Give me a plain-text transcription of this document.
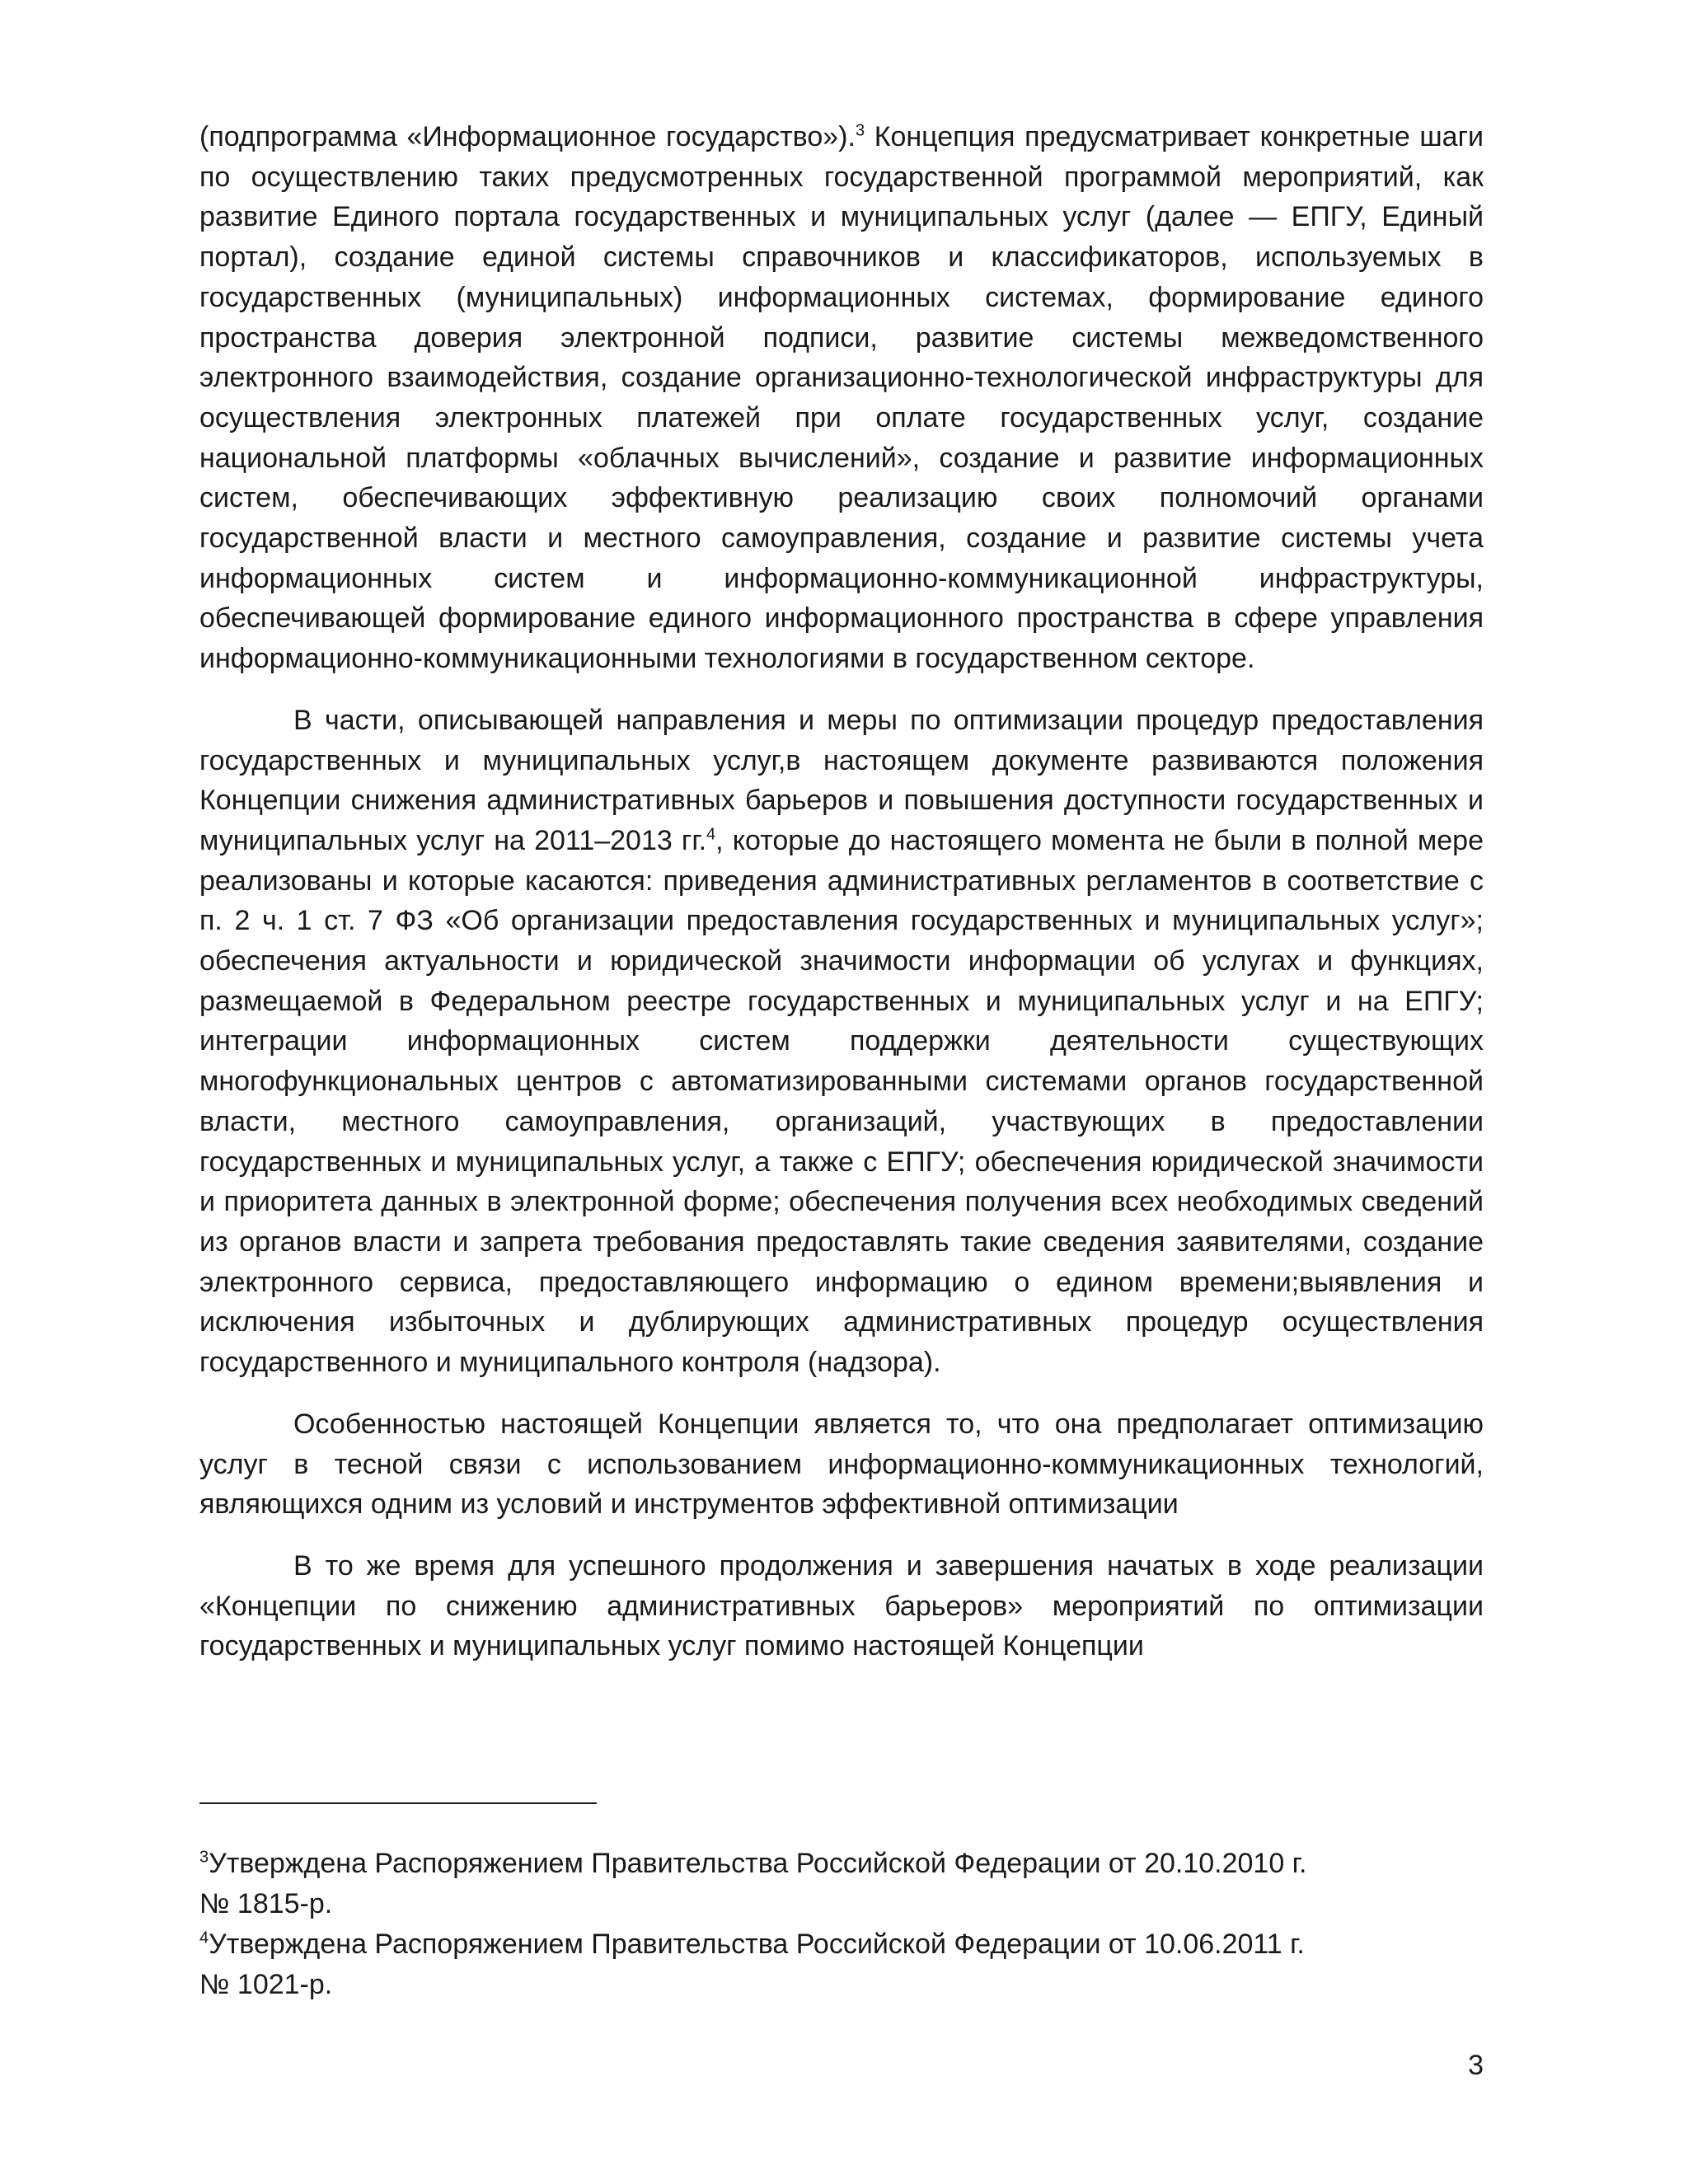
(подпрограмма «Информационное государство»).$^3$ Концепция предусматривает конкретные шаги по осуществлению таких предусмотренных государственной программой мероприятий, как развитие Единого портала государственных и муниципальных услуг (далее — ЕПГУ, Единый портал), создание единой системы справочников и классификаторов, используемых в государственных (муниципальных) информационных системах, формирование единого пространства доверия электронной подписи, развитие системы межведомственного электронного взаимодействия, создание организационно-технологической инфраструктуры для осуществления электронных платежей при оплате государственных услуг, создание национальной платформы «облачных вычислений», создание и развитие информационных систем, обеспечивающих эффективную реализацию своих полномочий органами государственной власти и местного самоуправления, создание и развитие системы учета информационных систем и информационно-коммуникационной инфраструктуры, обеспечивающей формирование единого информационного пространства в сфере управления информационно-коммуникационными технологиями в государственном секторе.

В части, описывающей направления и меры по оптимизации процедур предоставления государственных и муниципальных услуг,в настоящем документе развиваются положения Концепции снижения административных барьеров и повышения доступности государственных и муниципальных услуг на 2011–2013 гг.$^4$, которые до настоящего момента не были в полной мере реализованы и которые касаются: приведения административных регламентов в соответствие с п. 2 ч. 1 ст. 7 ФЗ «Об организации предоставления государственных и муниципальных услуг»; обеспечения актуальности и юридической значимости информации об услугах и функциях, размещаемой в Федеральном реестре государственных и муниципальных услуг и на ЕПГУ; интеграции информационных систем поддержки деятельности существующих многофункциональных центров с автоматизированными системами органов государственной власти, местного самоуправления, организаций, участвующих в предоставлении государственных и муниципальных услуг, а также с ЕПГУ; обеспечения юридической значимости и приоритета данных в электронной форме; обеспечения получения всех необходимых сведений из органов власти и запрета требования предоставлять такие сведения заявителями, создание электронного сервиса, предоставляющего информацию о едином времени;выявления и исключения избыточных и дублирующих административных процедур осуществления государственного и муниципального контроля (надзора).

Особенностью настоящей Концепции является то, что она предполагает оптимизацию услуг в тесной связи с использованием информационно-коммуникационных технологий, являющихся одним из условий и инструментов эффективной оптимизации

В то же время для успешного продолжения и завершения начатых в ходе реализации «Концепции по снижению административных барьеров» мероприятий по оптимизации государственных и муниципальных услуг помимо настоящей Концепции

$^3$Утверждена Распоряжением Правительства Российской Федерации от 20.10.2010 г.
№ 1815-р.

$^4$Утверждена Распоряжением Правительства Российской Федерации от 10.06.2011 г.
№ 1021-р.

3
